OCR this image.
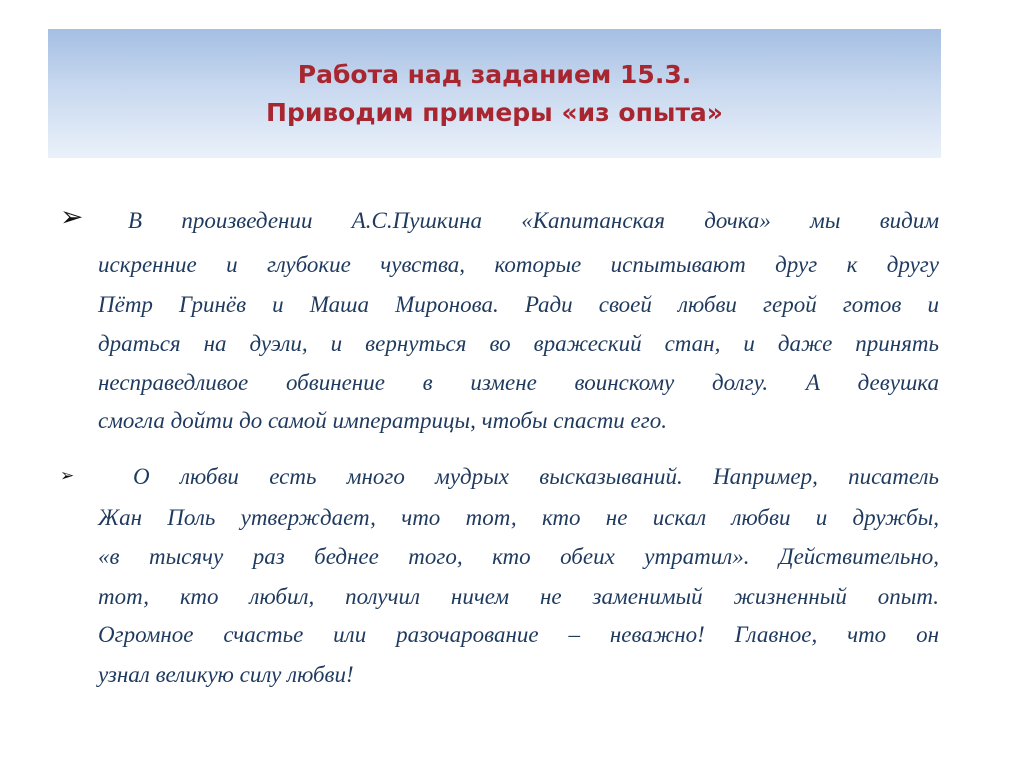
Работа над заданием 15.3.
Приводим примеры «из опыта»
➢ В произведении А.С.Пушкина «Капитанская дочка» мы видим
искренние и глубокие чувства, которые испытывают друг к другу
Пётр Гринёв и Маша Миронова. Ради своей любви герой готов и
драться на дуэли, и вернуться во вражеский стан, и даже принять
несправедливое обвинение в измене воинскому долгу. А девушка
смогла дойти до самой императрицы, чтобы спасти его.
➢	О любви есть много мудрых высказываний. Например, писатель
Жан Поль утверждает, что тот, кто не искал любви и дружбы,
«в тысячу раз беднее того, кто обеих утратил». Действительно,
тот, кто любил, получил ничем не заменимый жизненный опыт.
Огромное счастье или разочарование – неважно! Главное, что он
узнал великую силу любви!
